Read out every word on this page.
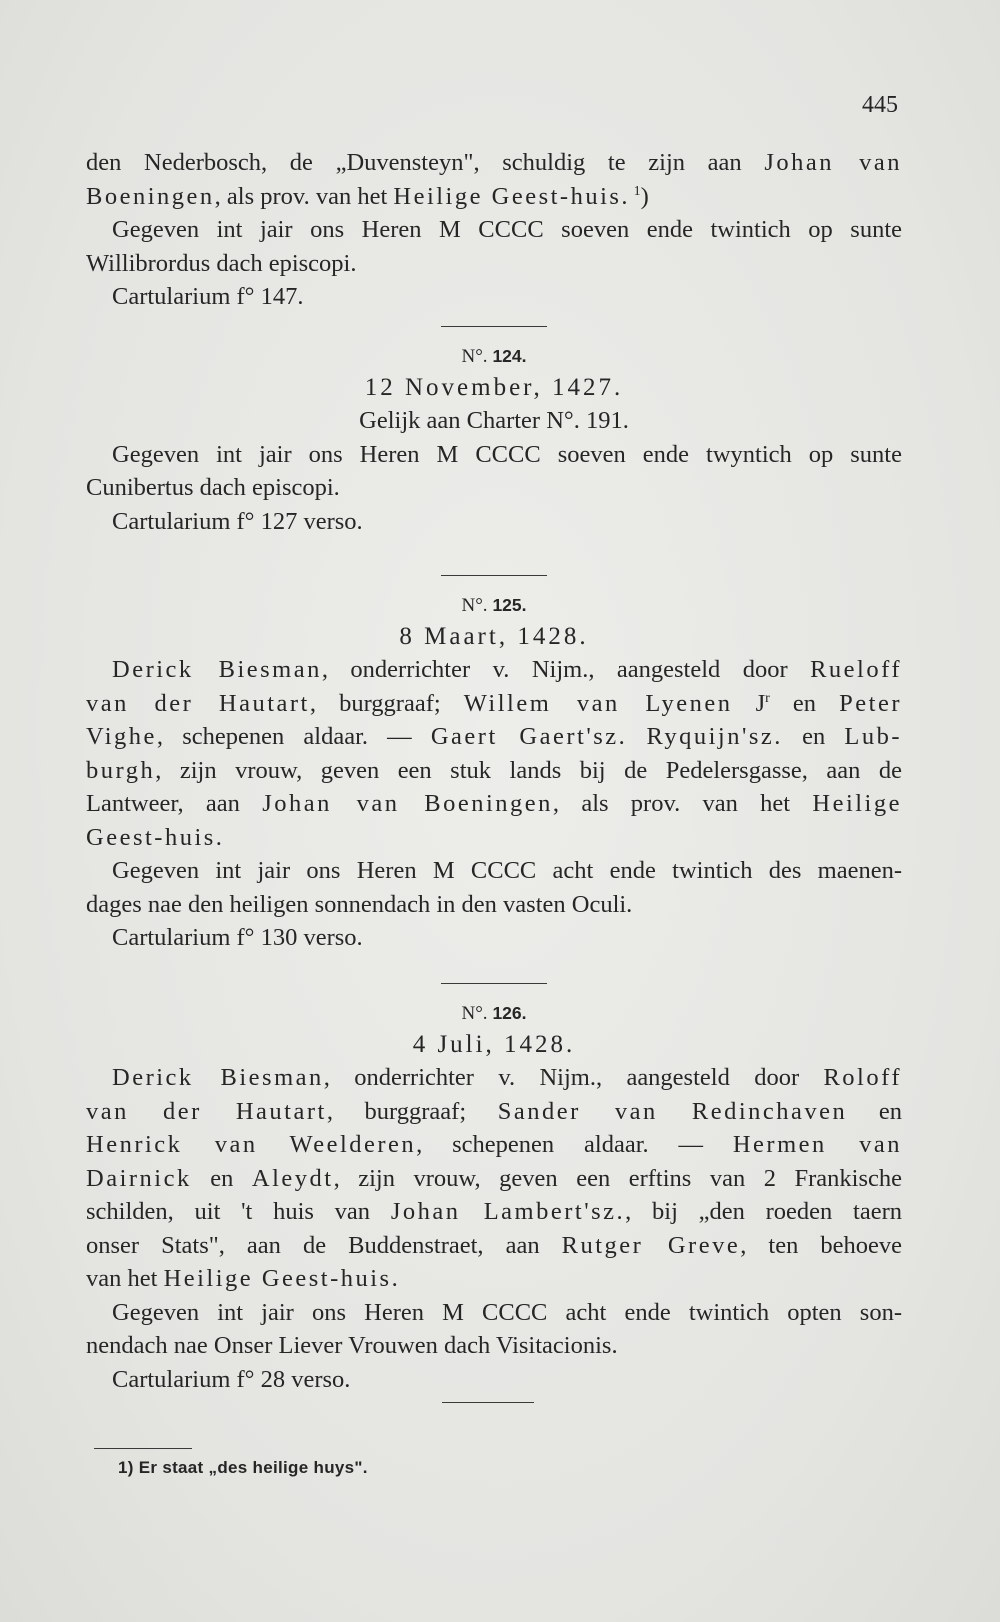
445
den Nederbosch, de „Duvensteyn", schuldig te zijn aan Johan van
Boeningen, als prov. van het Heilige Geest-huis. $^1$)
Gegeven int jair ons Heren M CCCC soeven ende twintich op sunte
Willibrordus dach episcopi.
Cartularium f° 147.
N°. 124.
12 November, 1427.
Gelijk aan Charter N°. 191.
Gegeven int jair ons Heren M CCCC soeven ende twyntich op sunte
Cunibertus dach episcopi.
Cartularium f° 127 verso.
N°. 125.
8 Maart, 1428.
Derick Biesman, onderrichter v. Nijm., aangesteld door Rueloff
van der Hautart, burggraaf; Willem van Lyenen $J^r$ en Peter
Vighe, schepenen aldaar. — Gaert Gaert'sz. Ryquijn'sz. en Lub-
burgh, zijn vrouw, geven een stuk lands bij de Pedelersgasse, aan de
Lantweer, aan Johan van Boeningen, als prov. van het Heilige
Geest-huis.
Gegeven int jair ons Heren M CCCC acht ende twintich des maenen-
dages nae den heiligen sonnendach in den vasten Oculi.
Cartularium f° 130 verso.
N°. 126.
4 Juli, 1428.
Derick Biesman, onderrichter v. Nijm., aangesteld door Roloff
van der Hautart, burggraaf; Sander van Redinchaven en
Henrick van Weelderen, schepenen aldaar. — Hermen van
Dairnick en Aleydt, zijn vrouw, geven een erftins van 2 Frankische
schilden, uit 't huis van Johan Lambert'sz., bij „den roeden taern
onser Stats", aan de Buddenstraet, aan Rutger Greve, ten behoeve
van het Heilige Geest-huis.
Gegeven int jair ons Heren M CCCC acht ende twintich opten son-
nendach nae Onser Liever Vrouwen dach Visitacionis.
Cartularium f° 28 verso.
1) Er staat „des heilige huys".
